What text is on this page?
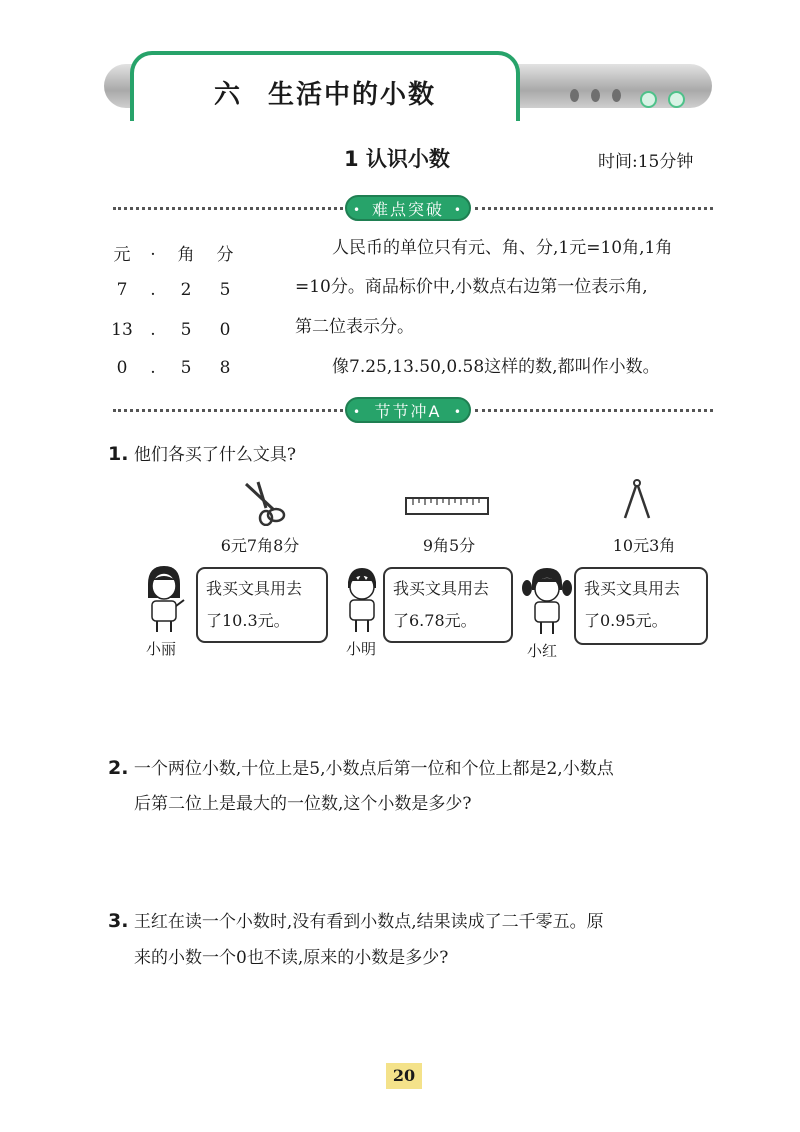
六 生活中的小数
1 认识小数	时间:15分钟
• 难点突破 •
元	.	角	分
7	.	2	5
13	.	5	0
0	.	5	8
人民币的单位只有元、角、分,1元=10角,1角
=10分。商品标价中,小数点右边第一位表示角,
第二位表示分。
像7.25,13.50,0.58这样的数,都叫作小数。
• 节节冲A •
1. 他们各买了什么文具?
6元7角8分	9角5分	10元3角
小丽
我买文具用去
了10.3元。
小明
我买文具用去
了6.78元。
小红
我买文具用去
了0.95元。
2. 一个两位小数,十位上是5,小数点后第一位和个位上都是2,小数点
后第二位上是最大的一位数,这个小数是多少?
3. 王红在读一个小数时,没有看到小数点,结果读成了二千零五。原
来的小数一个0也不读,原来的小数是多少?
20
